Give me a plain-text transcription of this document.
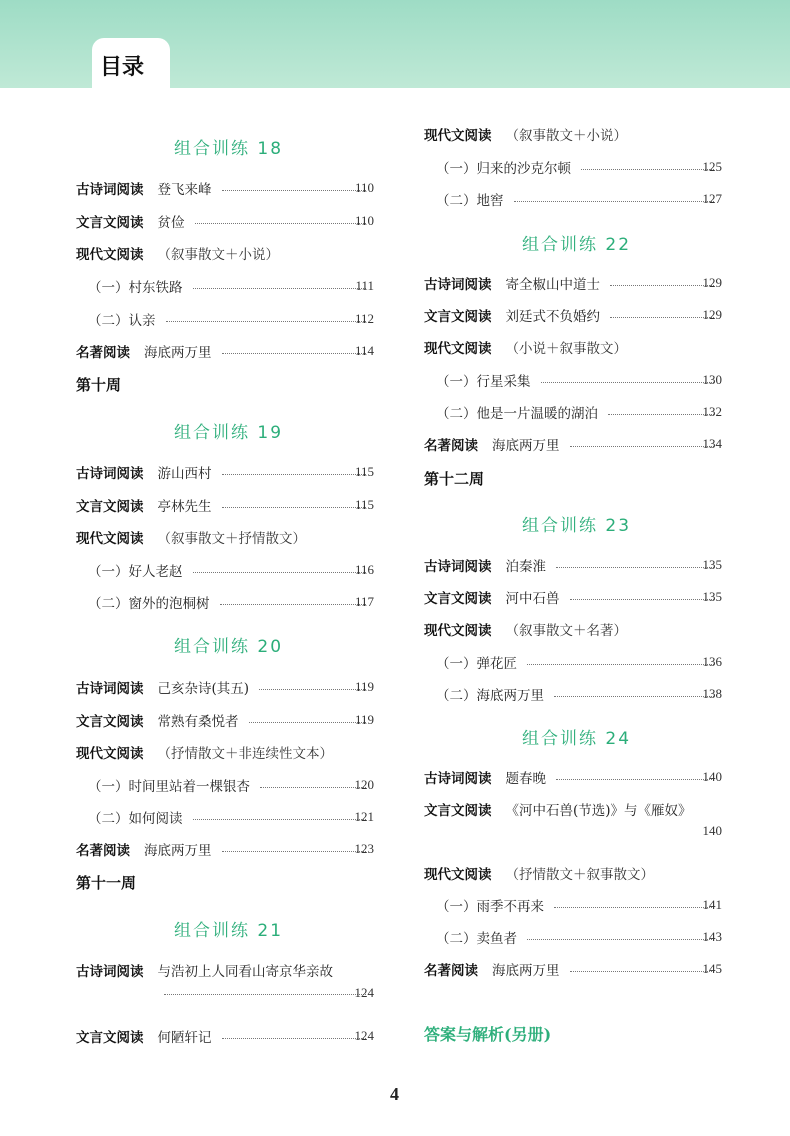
目录
组合训练 18
古诗词阅读 登飞来峰	110
文言文阅读 贫俭	110
现代文阅读 （叙事散文＋小说）
（一）村东铁路	111
（二）认亲	112
名著阅读 海底两万里	114
第十周
组合训练 19
古诗词阅读 游山西村	115
文言文阅读 亭林先生	115
现代文阅读 （叙事散文＋抒情散文）
（一）好人老赵	116
（二）窗外的泡桐树	117
组合训练 20
古诗词阅读 己亥杂诗(其五)	119
文言文阅读 常熟有桑悦者	119
现代文阅读 （抒情散文＋非连续性文本）
（一）时间里站着一棵银杏	120
（二）如何阅读	121
名著阅读 海底两万里	123
第十一周
组合训练 21
古诗词阅读 与浩初上人同看山寄京华亲故
124
文言文阅读 何陋轩记	124
现代文阅读 （叙事散文＋小说）
（一）归来的沙克尔顿	125
（二）地窖	127
组合训练 22
古诗词阅读 寄全椒山中道士	129
文言文阅读 刘廷式不负婚约	129
现代文阅读 （小说＋叙事散文）
（一）行星采集	130
（二）他是一片温暖的湖泊	132
名著阅读 海底两万里	134
第十二周
组合训练 23
古诗词阅读 泊秦淮	135
文言文阅读 河中石兽	135
现代文阅读 （叙事散文＋名著）
（一）弹花匠	136
（二）海底两万里	138
组合训练 24
古诗词阅读 题春晚	140
文言文阅读 《河中石兽(节选)》与《雁奴》
140
现代文阅读 （抒情散文＋叙事散文）
（一）雨季不再来	141
（二）卖鱼者	143
名著阅读 海底两万里	145
答案与解析(另册)
4
